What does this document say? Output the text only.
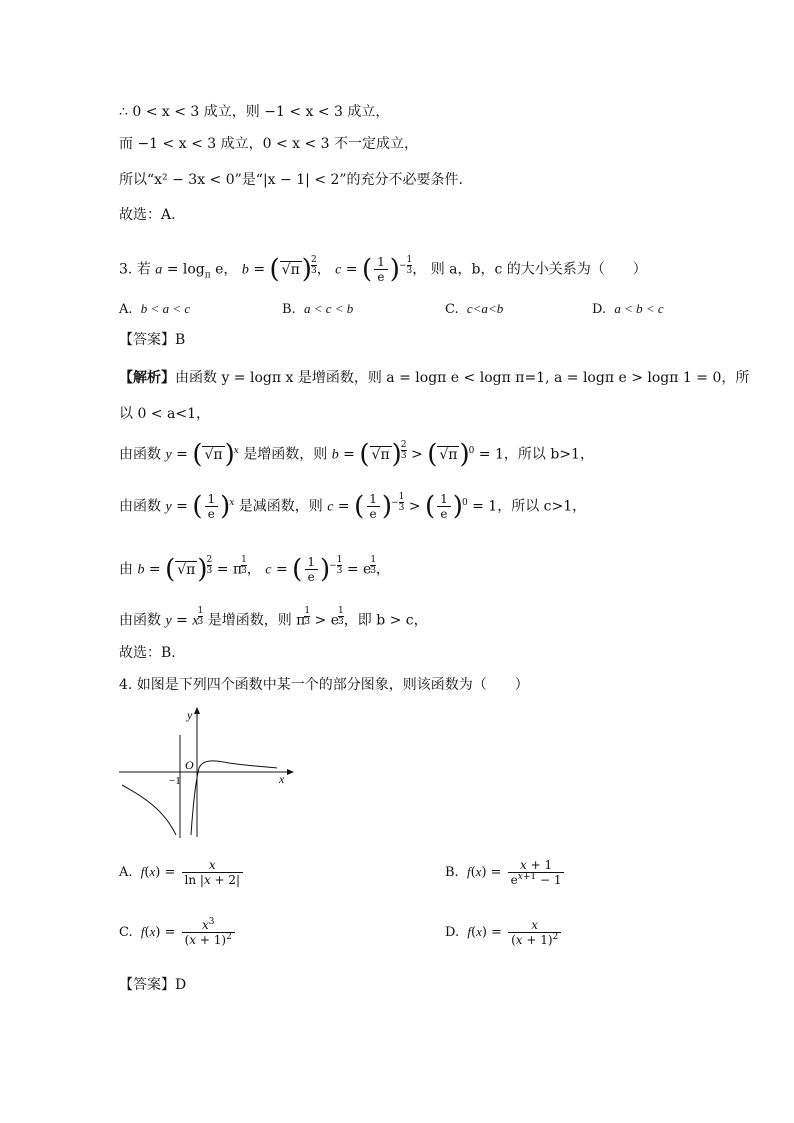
∴ 0 < x < 3 成立，则 −1 < x < 3 成立，
而 −1 < x < 3 成立，0 < x < 3 不一定成立，
所以“x² − 3x < 0”是“|x − 1| < 2”的充分不必要条件.
故选：A.
3. 若 $a = \log_\pi e$， b = ( $√\pi) \frac{2}{3}$ ， c = ( $\frac{1}{e}$ )− $\frac{1}{3}$ ， 则 a，b，c 的大小关系为（　　）
A. b < a < c	B. a < c < b	C. c<a<b	D. a < b < c
【答案】B
【解析】由函数 y = logπ x 是增函数，则 a = logπ e < logπ π=1, a = logπ e > logπ 1 = 0，所
以 0 < a<1，
由函数 y = ( √π)x 是增函数，则 b = ( $√\pi) \frac{2}{3}$ > ( √π)0 = 1，所以 b>1，
由函数 y = ( $\frac{1}{e} )x$ 是减函数，则 c = ( $\frac{1}{e}$ )− $\frac{1}{3}$ > ( $\frac{1}{e} )0 = 1$，所以 c>1，
由 b = ( $√\pi) \frac{2}{3} = \pi \frac{1}{3}$ ， c = ( $\frac{1}{e}$ )− $\frac{1}{3} = e \frac{1}{3}$ ，
由函数 y = x $\frac{1}{3}$ 是增函数，则 π $\frac{1}{3} > e \frac{1}{3}$ ，即 b > c，
故选：B.
4. 如图是下列四个函数中某一个的部分图象，则该函数为（　　）
y
x
O
−1
A. $f(x) = \frac{x}{\ln |x + 2|}$	B. $f(x) = \frac{x + 1}{e^{x+1} - 1}$
C. $f(x) = \frac{x^3}{(x + 1)^2}$	D. $f(x) = \frac{x}{(x + 1)^2}$
【答案】D
